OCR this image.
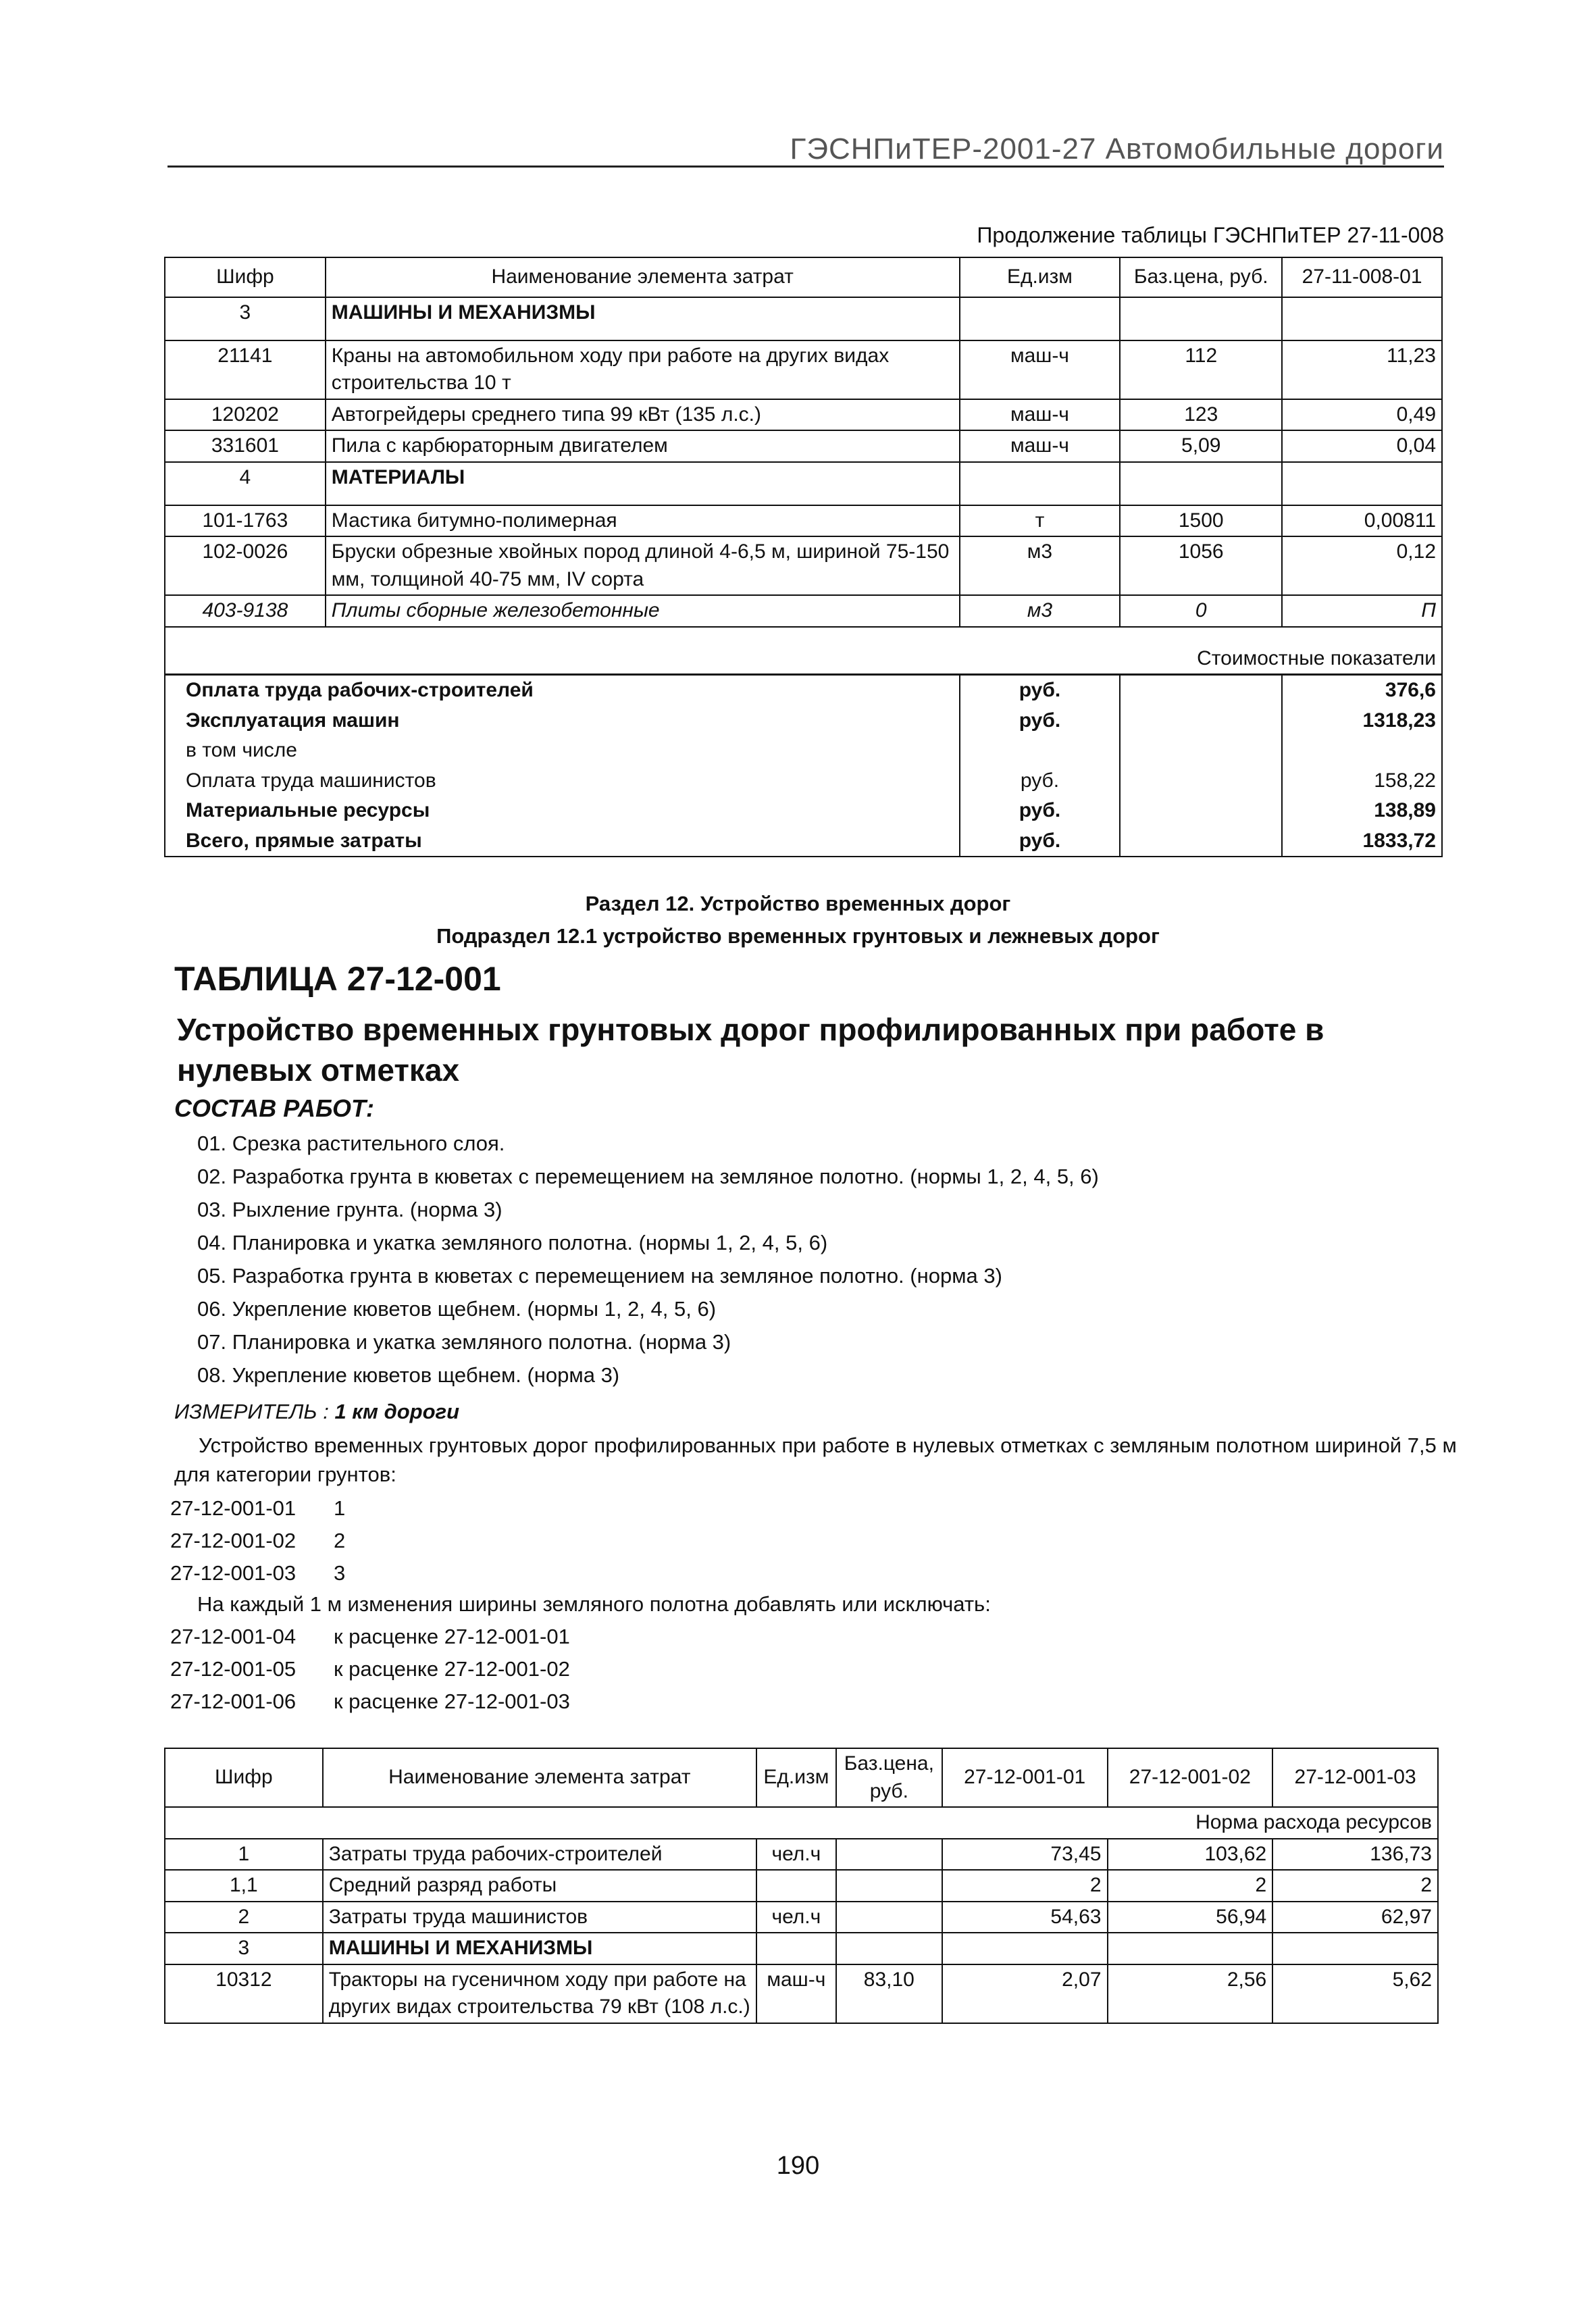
ГЭСНПиТЕР-2001-27 Автомобильные дороги
Продолжение таблицы ГЭСНПиТЕР 27-11-008
Шифр	Наименование элемента затрат	Ед.изм	Баз.цена, руб.	27-11-008-01
3	МАШИНЫ И МЕХАНИЗМЫ			
21141	Краны на автомобильном ходу при работе на других видах строительства 10 т	маш-ч	112	11,23
120202	Автогрейдеры среднего типа 99 кВт (135 л.с.)	маш-ч	123	0,49
331601	Пила с карбюраторным двигателем	маш-ч	5,09	0,04
4	МАТЕРИАЛЫ			
101-1763	Мастика битумно-полимерная	т	1500	0,00811
102-0026	Бруски обрезные хвойных пород длиной 4-6,5 м, шириной 75-150 мм, толщиной 40-75 мм, IV сорта	м3	1056	0,12
403-9138	Плиты сборные железобетонные	м3	0	П
Стоимостные показатели				
Оплата труда рабочих-строителей		руб.		376,6
Эксплуатация машин		руб.		1318,23
в том числе				
Оплата труда машинистов		руб.		158,22
Материальные ресурсы		руб.		138,89
Всего, прямые затраты		руб.		1833,72
Раздел 12. Устройство временных дорог
Подраздел 12.1 устройство временных грунтовых и лежневых дорог
ТАБЛИЦА 27-12-001
Устройство временных грунтовых дорог профилированных при работе в нулевых отметках
СОСТАВ РАБОТ:
01. Срезка растительного слоя.
02. Разработка грунта в кюветах с перемещением на земляное полотно. (нормы 1, 2, 4, 5, 6)
03. Рыхление грунта. (норма 3)
04. Планировка и укатка земляного полотна. (нормы 1, 2, 4, 5, 6)
05. Разработка грунта в кюветах с перемещением на земляное полотно. (норма 3)
06. Укрепление кюветов щебнем. (нормы 1, 2, 4, 5, 6)
07. Планировка и укатка земляного полотна. (норма 3)
08. Укрепление кюветов щебнем. (норма 3)
ИЗМЕРИТЕЛЬ : 1 км дороги
Устройство временных грунтовых дорог профилированных при работе в нулевых отметках с земляным полотном шириной 7,5 м для категории грунтов:
27-12-001-01 1
27-12-001-02 2
27-12-001-03 3
На каждый 1 м изменения ширины земляного полотна добавлять или исключать:
27-12-001-04 к расценке 27-12-001-01
27-12-001-05 к расценке 27-12-001-02
27-12-001-06 к расценке 27-12-001-03
Шифр	Наименование элемента затрат	Ед.изм	Баз.цена, руб.	27-12-001-01	27-12-001-02	27-12-001-03
				Норма расхода ресурсов		
1	Затраты труда рабочих-строителей	чел.ч		73,45	103,62	136,73
1,1	Средний разряд работы			2	2	2
2	Затраты труда машинистов	чел.ч		54,63	56,94	62,97
3	МАШИНЫ И МЕХАНИЗМЫ					
10312	Тракторы на гусеничном ходу при работе на других видах строительства 79 кВт (108 л.с.)	маш-ч	83,10	2,07	2,56	5,62
190
